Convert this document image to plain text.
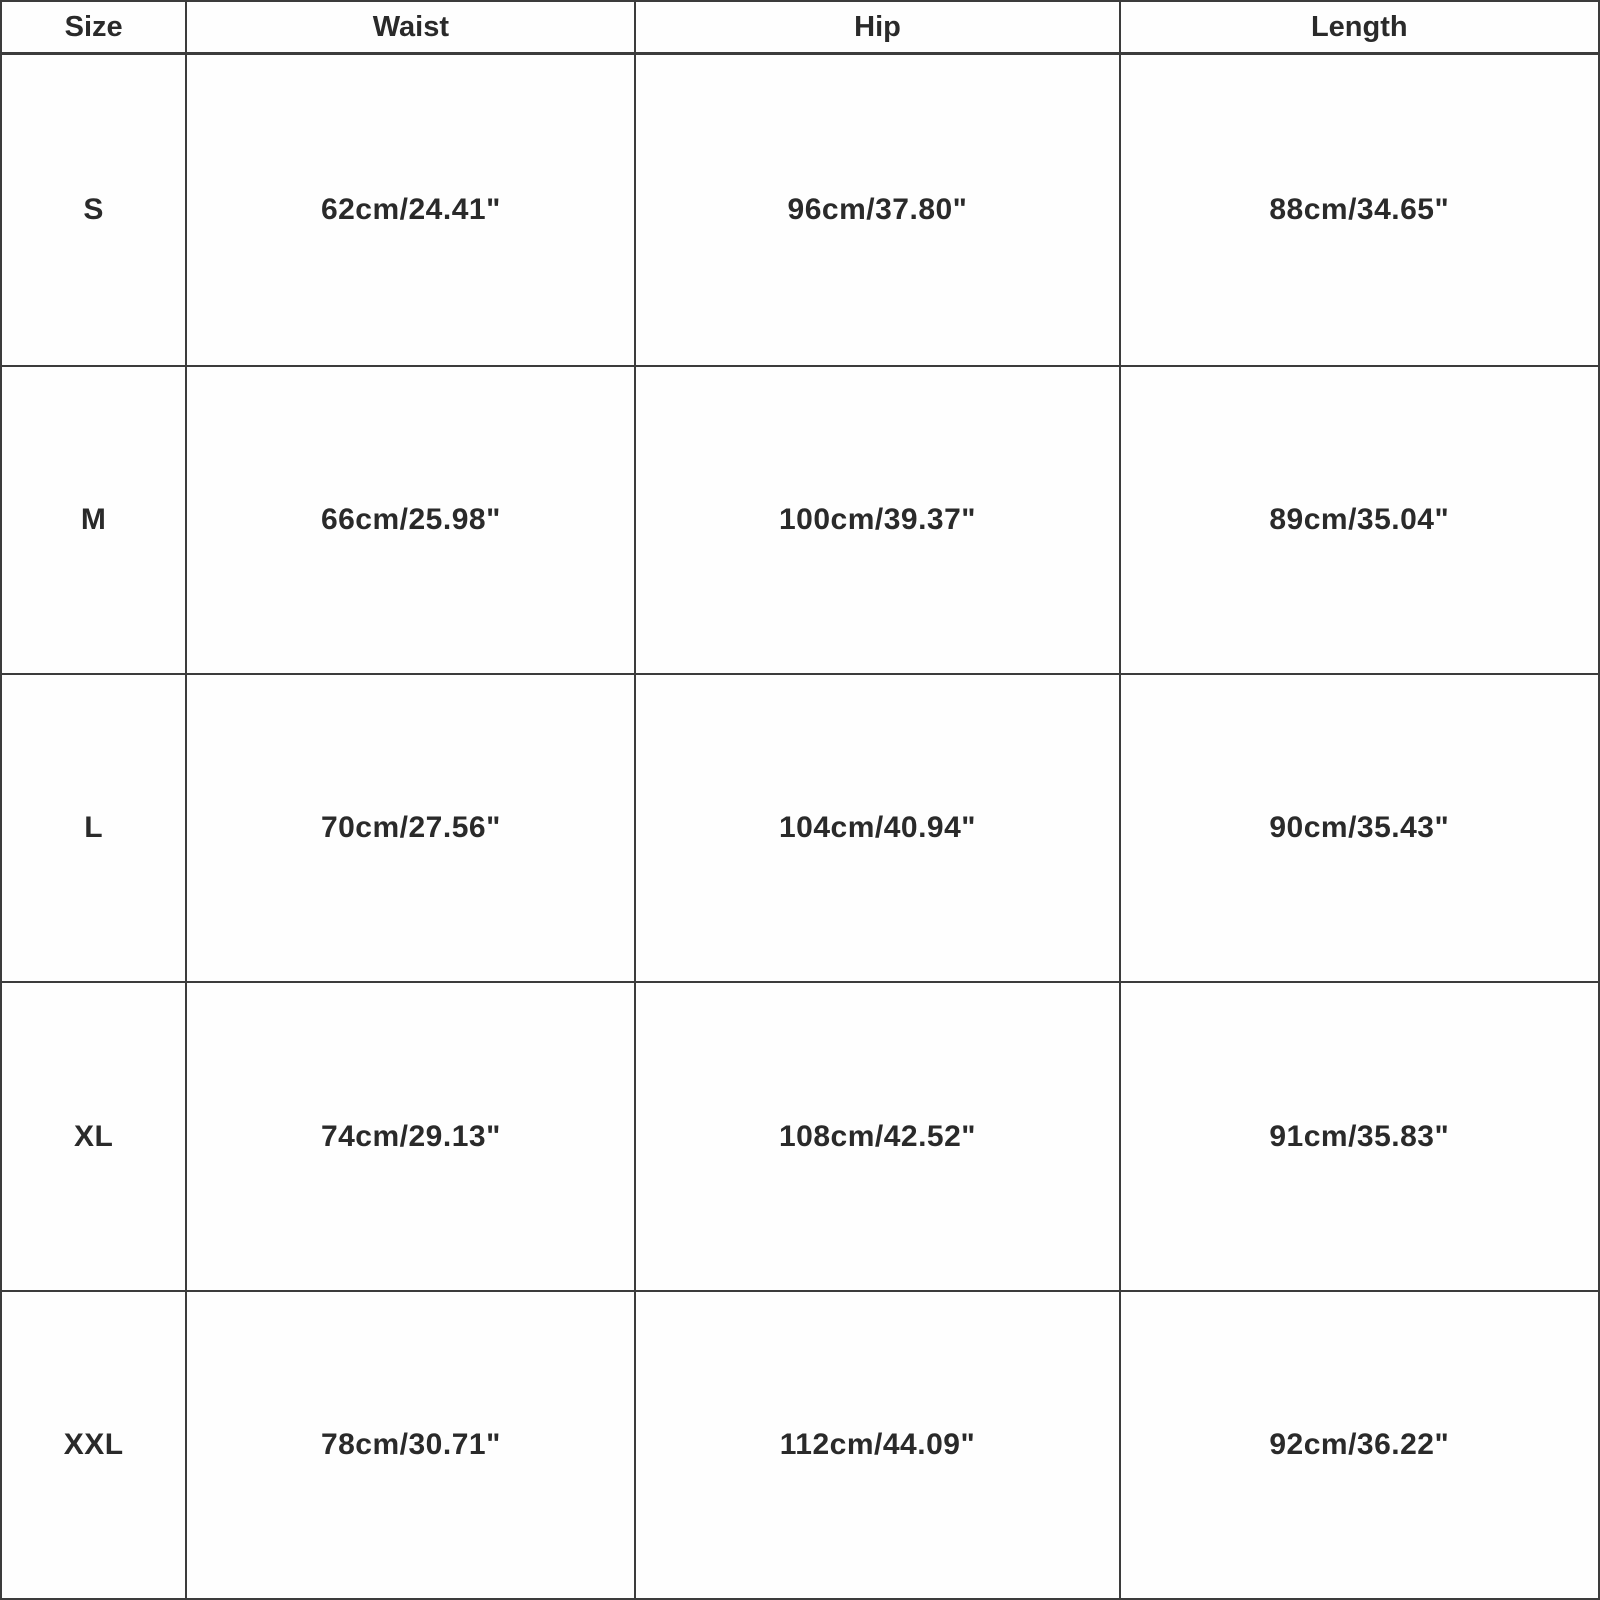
Size	Waist	Hip	Length
S	62cm/24.41"	96cm/37.80"	88cm/34.65"
M	66cm/25.98"	100cm/39.37"	89cm/35.04"
L	70cm/27.56"	104cm/40.94"	90cm/35.43"
XL	74cm/29.13"	108cm/42.52"	91cm/35.83"
XXL	78cm/30.71"	112cm/44.09"	92cm/36.22"
